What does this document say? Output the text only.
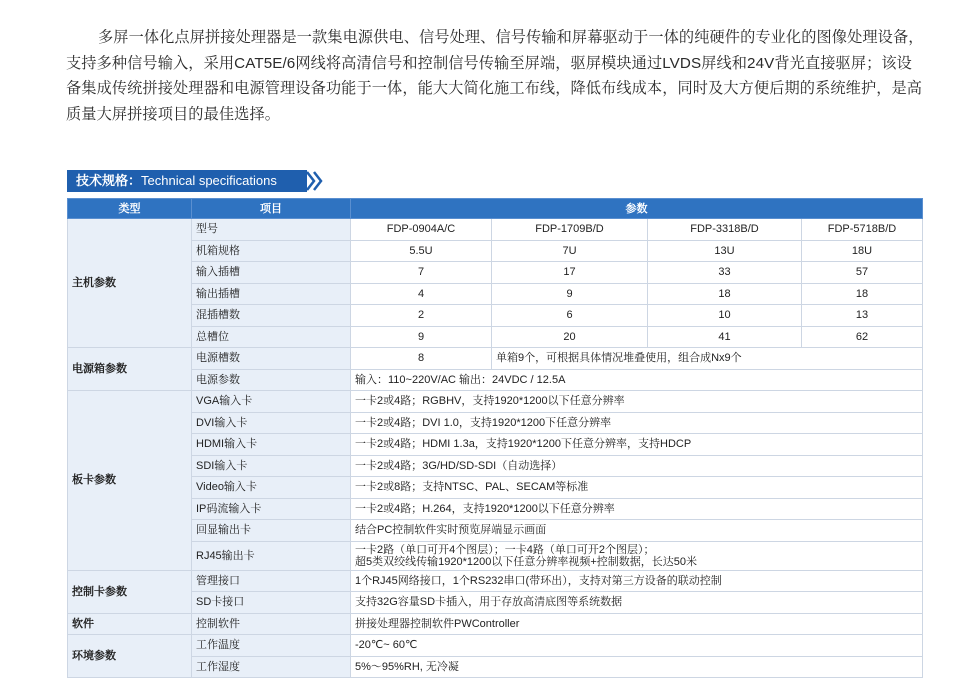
多屏一体化点屏拼接处理器是一款集电源供电、信号处理、信号传输和屏幕驱动于一体的纯硬件的专业化的图像处理设备，支持多种信号输入，采用CAT5E/6网线将高清信号和控制信号传输至屏端，驱屏模块通过LVDS屏线和24V背光直接驱屏；该设备集成传统拼接处理器和电源管理设备功能于一体，能大大简化施工布线，降低布线成本，同时及大方便后期的系统维护，是高质量大屏拼接项目的最佳选择。

技术规格：Technical specifications
类型	项目	参数			
主机参数	型号	FDP-0904A/C	FDP-1709B/D	FDP-3318B/D	FDP-5718B/D
	机箱规格	5.5U	7U	13U	18U
	输入插槽	7	17	33	57
	输出插槽	4	9	18	18
	混插槽数	2	6	10	13
	总槽位	9	20	41	62
电源箱参数	电源槽数	8	单箱9个，可根据具体情况堆叠使用，组合成Nx9个		
	电源参数	输入：110~220V/AC 输出：24VDC / 12.5A			
板卡参数	VGA输入卡	一卡2或4路；RGBHV，支持1920*1200以下任意分辨率			
	DVI输入卡	一卡2或4路；DVI 1.0，支持1920*1200下任意分辨率			
	HDMI输入卡	一卡2或4路；HDMI 1.3a，支持1920*1200下任意分辨率，支持HDCP			
	SDI输入卡	一卡2或4路；3G/HD/SD-SDI（自动选择）			
	Video输入卡	一卡2或8路；支持NTSC、PAL、SECAM等标准			
	IP码流输入卡	一卡2或4路；H.264，支持1920*1200以下任意分辨率			
	回显输出卡	结合PC控制软件实时预览屏端显示画面			
	RJ45输出卡	一卡2路（单口可开4个图层）；一卡4路（单口可开2个图层）；
超5类双绞线传输1920*1200以下任意分辨率视频+控制数据，长达50米			

控制卡参数	管理接口	1个RJ45网络接口，1个RS232串口(带环出），支持对第三方设备的联动控制			
	SD卡接口	支持32G容量SD卡插入，用于存放高清底图等系统数据			
软件	控制软件	拼接处理器控制软件PWController			
环境参数	工作温度	-20℃~ 60℃			
	工作湿度	5%～95%RH, 无冷凝			
